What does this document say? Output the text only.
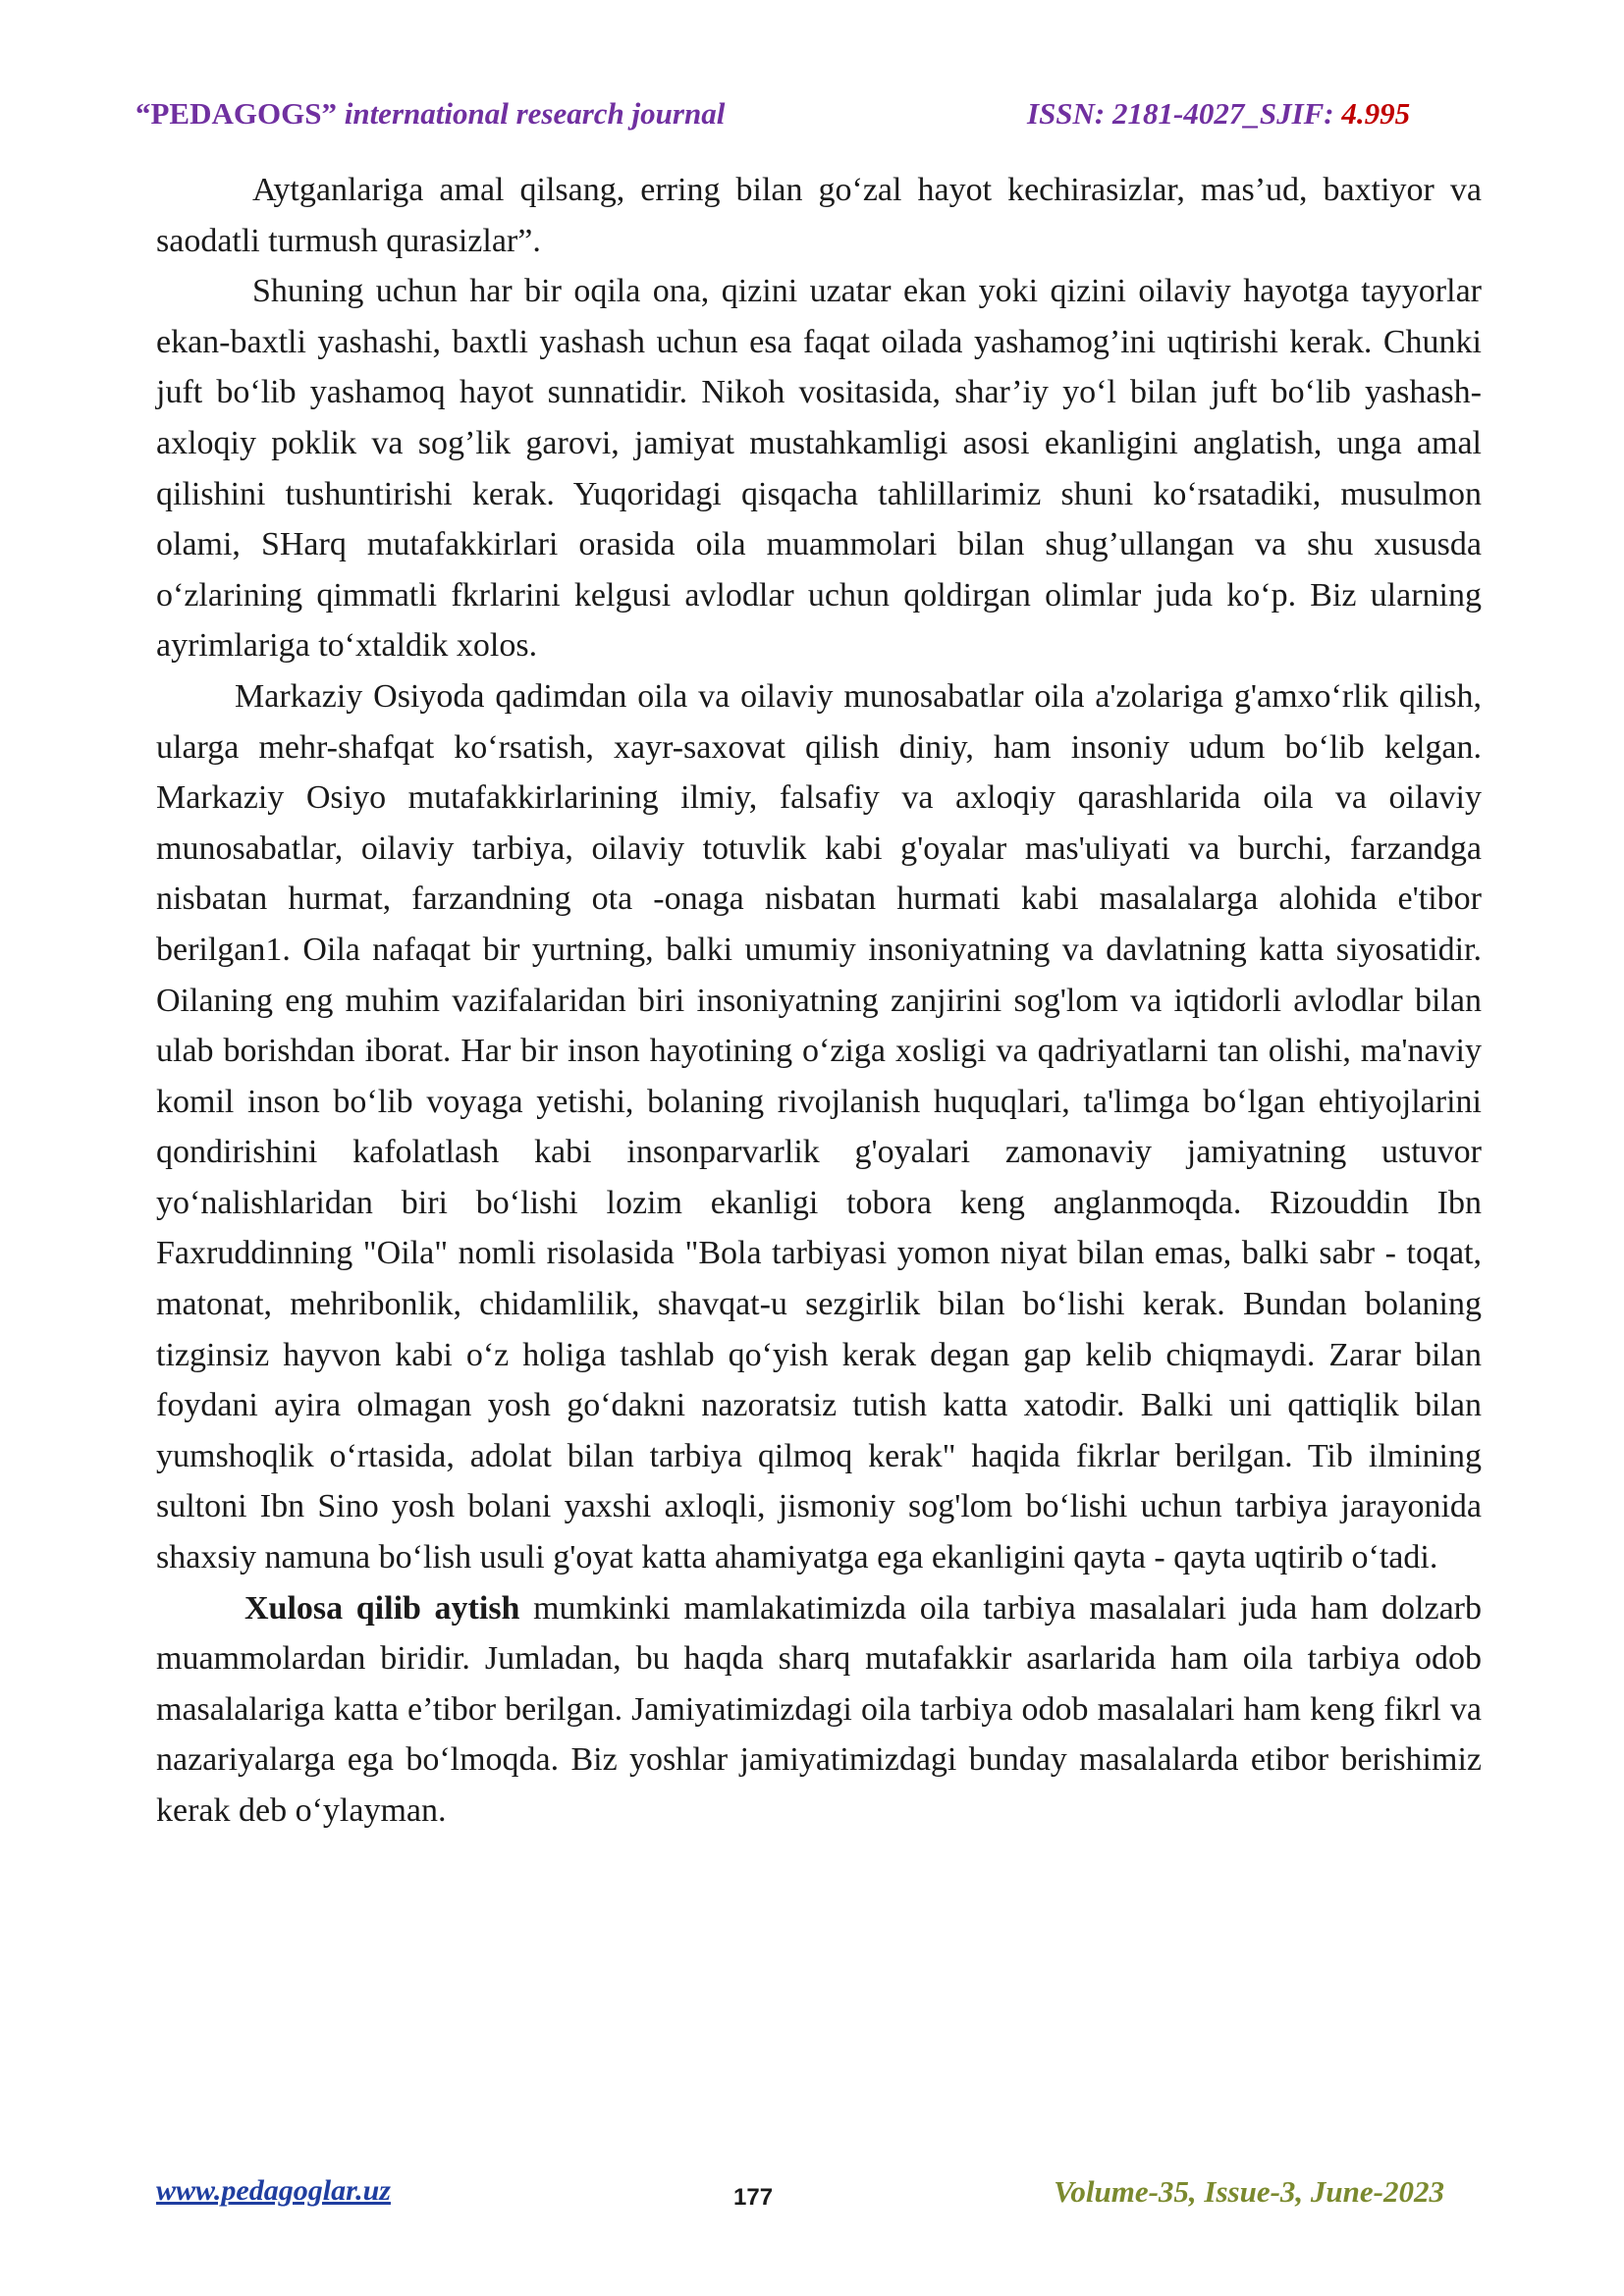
“PEDAGOGS” international research journal	ISSN: 2181-4027_SJIF: 4.995

Aytganlariga amal qilsang, erring bilan go‘zal hayot kechirasizlar, mas’ud, baxtiyor va saodatli turmush qurasizlar”.

Shuning uchun har bir oqila ona, qizini uzatar ekan yoki qizini oilaviy hayotga tayyorlar ekan-baxtli yashashi, baxtli yashash uchun esa faqat oilada yashamog’ini uqtirishi kerak. Chunki juft bo‘lib yashamoq hayot sunnatidir. Nikoh vositasida, shar’iy yo‘l bilan juft bo‘lib yashash- axloqiy poklik va sog’lik garovi, jamiyat mustahkamligi asosi ekanligini anglatish, unga amal qilishini tushuntirishi kerak. Yuqoridagi qisqacha tahlillarimiz shuni ko‘rsatadiki, musulmon olami, SHarq mutafakkirlari orasida oila muammolari bilan shug’ullangan va shu xususda o‘zlarining qimmatli fkrlarini kelgusi avlodlar uchun qoldirgan olimlar juda ko‘p. Biz ularning ayrimlariga to‘xtaldik xolos.

Markaziy Osiyoda qadimdan oila va oilaviy munosabatlar oila a'zolariga g'amxo‘rlik qilish, ularga mehr-shafqat ko‘rsatish, xayr-saxovat qilish diniy, ham insoniy udum bo‘lib kelgan. Markaziy Osiyo mutafakkirlarining ilmiy, falsafiy va axloqiy qarashlarida oila va oilaviy munosabatlar, oilaviy tarbiya, oilaviy totuvlik kabi g'oyalar mas'uliyati va burchi, farzandga nisbatan hurmat, farzandning ota -onaga nisbatan hurmati kabi masalalarga alohida e'tibor berilgan1. Oila nafaqat bir yurtning, balki umumiy insoniyatning va davlatning katta siyosatidir. Oilaning eng muhim vazifalaridan biri insoniyatning zanjirini sog'lom va iqtidorli avlodlar bilan ulab borishdan iborat. Har bir inson hayotining o‘ziga xosligi va qadriyatlarni tan olishi, ma'naviy komil inson bo‘lib voyaga yetishi, bolaning rivojlanish huquqlari, ta'limga bo‘lgan ehtiyojlarini qondirishini kafolatlash kabi insonparvarlik g'oyalari zamonaviy jamiyatning ustuvor yo‘nalishlaridan biri bo‘lishi lozim ekanligi tobora keng anglanmoqda. Rizouddin Ibn Faxruddinning "Oila" nomli risolasida "Bola tarbiyasi yomon niyat bilan emas, balki sabr - toqat, matonat, mehribonlik, chidamlilik, shavqat-u sezgirlik bilan bo‘lishi kerak. Bundan bolaning tizginsiz hayvon kabi o‘z holiga tashlab qo‘yish kerak degan gap kelib chiqmaydi. Zarar bilan foydani ayira olmagan yosh go‘dakni nazoratsiz tutish katta xatodir. Balki uni qattiqlik bilan yumshoqlik o‘rtasida, adolat bilan tarbiya qilmoq kerak" haqida fikrlar berilgan. Tib ilmining sultoni Ibn Sino yosh bolani yaxshi axloqli, jismoniy sog'lom bo‘lishi uchun tarbiya jarayonida shaxsiy namuna bo‘lish usuli g'oyat katta ahamiyatga ega ekanligini qayta - qayta uqtirib o‘tadi.

Xulosa qilib aytish mumkinki mamlakatimizda oila tarbiya masalalari juda ham dolzarb muammolardan biridir. Jumladan, bu haqda sharq mutafakkir asarlarida ham oila tarbiya odob masalalariga katta e’tibor berilgan. Jamiyatimizdagi oila tarbiya odob masalalari ham keng fikrl va nazariyalarga ega bo‘lmoqda. Biz yoshlar jamiyatimizdagi bunday masalalarda etibor berishimiz kerak deb o‘ylayman.

www.pedagoglar.uz	177	Volume-35, Issue-3, June-2023
